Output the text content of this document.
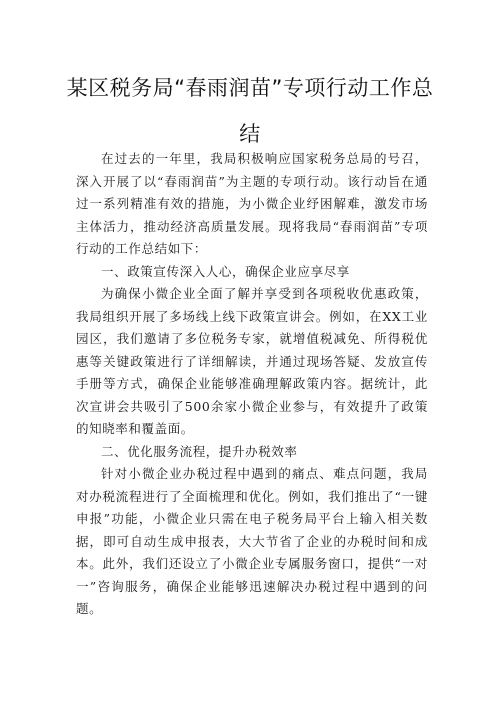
某区税务局“春雨润苗”专项行动工作总
结

在过去的一年里，我局积极响应国家税务总局的号召，深入开展了以“春雨润苗”为主题的专项行动。该行动旨在通过一系列精准有效的措施，为小微企业纾困解难，激发市场主体活力，推动经济高质量发展。现将我局“春雨润苗”专项行动的工作总结如下：

一、政策宣传深入人心，确保企业应享尽享

为确保小微企业全面了解并享受到各项税收优惠政策，我局组织开展了多场线上线下政策宣讲会。例如，在XX工业园区，我们邀请了多位税务专家，就增值税减免、所得税优惠等关键政策进行了详细解读，并通过现场答疑、发放宣传手册等方式，确保企业能够准确理解政策内容。据统计，此次宣讲会共吸引了500余家小微企业参与，有效提升了政策的知晓率和覆盖面。

二、优化服务流程，提升办税效率

针对小微企业办税过程中遇到的痛点、难点问题，我局对办税流程进行了全面梳理和优化。例如，我们推出了“一键申报”功能，小微企业只需在电子税务局平台上输入相关数据，即可自动生成申报表，大大节省了企业的办税时间和成本。此外，我们还设立了小微企业专属服务窗口，提供“一对一”咨询服务，确保企业能够迅速解决办税过程中遇到的问题。
